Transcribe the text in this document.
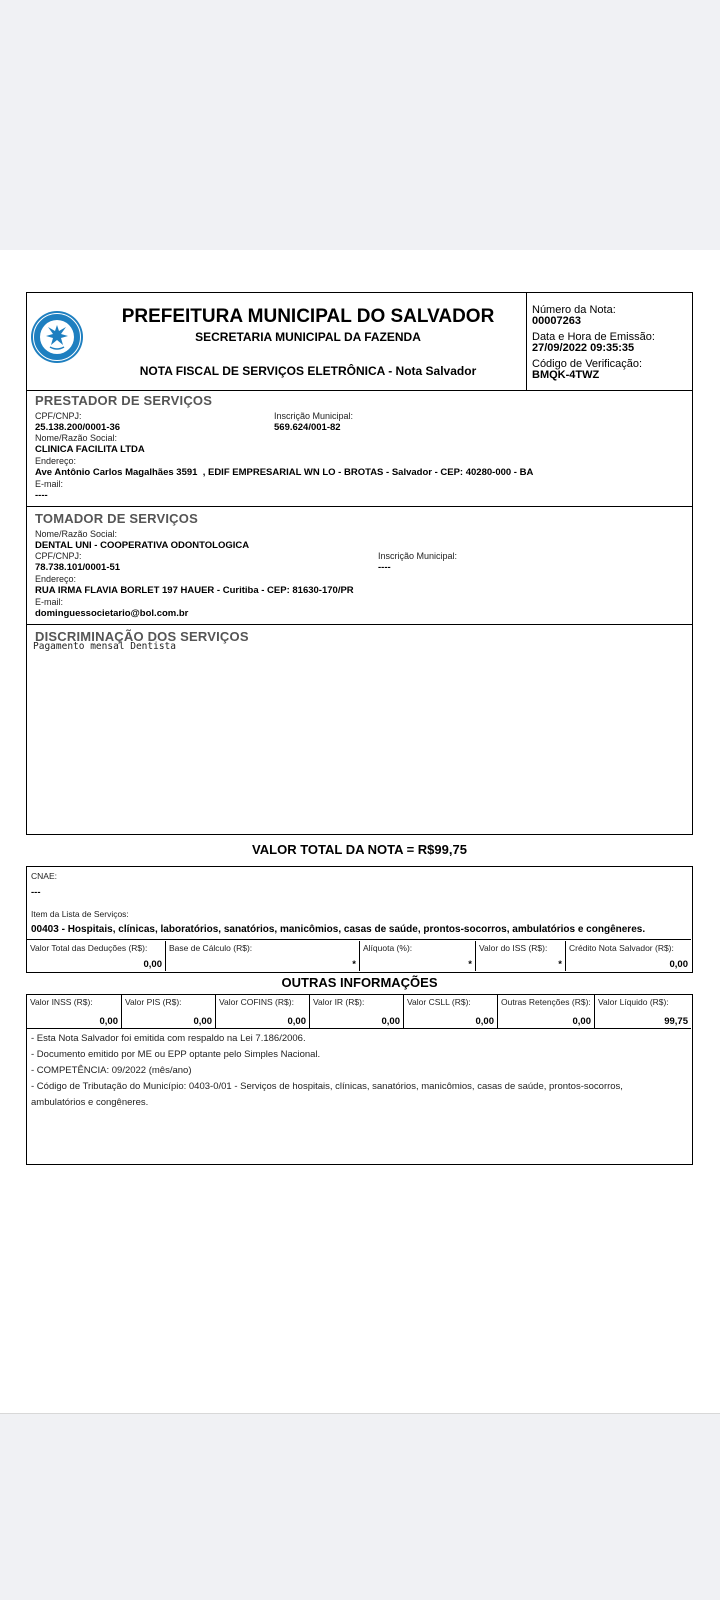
PREFEITURA MUNICIPAL DO SALVADOR
SECRETARIA MUNICIPAL DA FAZENDA
NOTA FISCAL DE SERVIÇOS ELETRÔNICA - Nota Salvador
Número da Nota:
00007263
Data e Hora de Emissão:
27/09/2022 09:35:35
Código de Verificação:
BMQK-4TWZ
PRESTADOR DE SERVIÇOS
CPF/CNPJ:
25.138.200/0001-36
Inscrição Municipal:
569.624/001-82
Nome/Razão Social:
CLINICA FACILITA LTDA
Endereço:
Ave Antônio Carlos Magalhães 3591  , EDIF EMPRESARIAL WN LO - BROTAS - Salvador - CEP: 40280-000 - BA
E-mail:
----
TOMADOR DE SERVIÇOS
Nome/Razão Social:
DENTAL UNI - COOPERATIVA ODONTOLOGICA
CPF/CNPJ:
78.738.101/0001-51
Inscrição Municipal:
----
Endereço:
RUA IRMA FLAVIA BORLET 197 HAUER - Curitiba - CEP: 81630-170/PR
E-mail:
dominguessocietario@bol.com.br
DISCRIMINAÇÃO DOS SERVIÇOS
Pagamento mensal Dentista
VALOR TOTAL DA NOTA = R$99,75
CNAE:
---
Item da Lista de Serviços:
00403 - Hospitais, clínicas, laboratórios, sanatórios, manicômios, casas de saúde, prontos-socorros, ambulatórios e congêneres.
Valor Total das Deduções (R$):
0,00
Base de Cálculo (R$):
*
Alíquota (%):
*
Valor do ISS (R$):
*
Crédito Nota Salvador (R$):
0,00
OUTRAS INFORMAÇÕES
Valor INSS (R$):
0,00
Valor PIS (R$):
0,00
Valor COFINS (R$):
0,00
Valor IR (R$):
0,00
Valor CSLL (R$):
0,00
Outras Retenções (R$):
0,00
Valor Líquido (R$):
99,75
- Esta Nota Salvador foi emitida com respaldo na Lei 7.186/2006.
- Documento emitido por ME ou EPP optante pelo Simples Nacional.
- COMPETÊNCIA: 09/2022 (mês/ano)
- Código de Tributação do Município: 0403-0/01 - Serviços de hospitais, clínicas, sanatórios, manicômios, casas de saúde, prontos-socorros,
ambulatórios e congêneres.
